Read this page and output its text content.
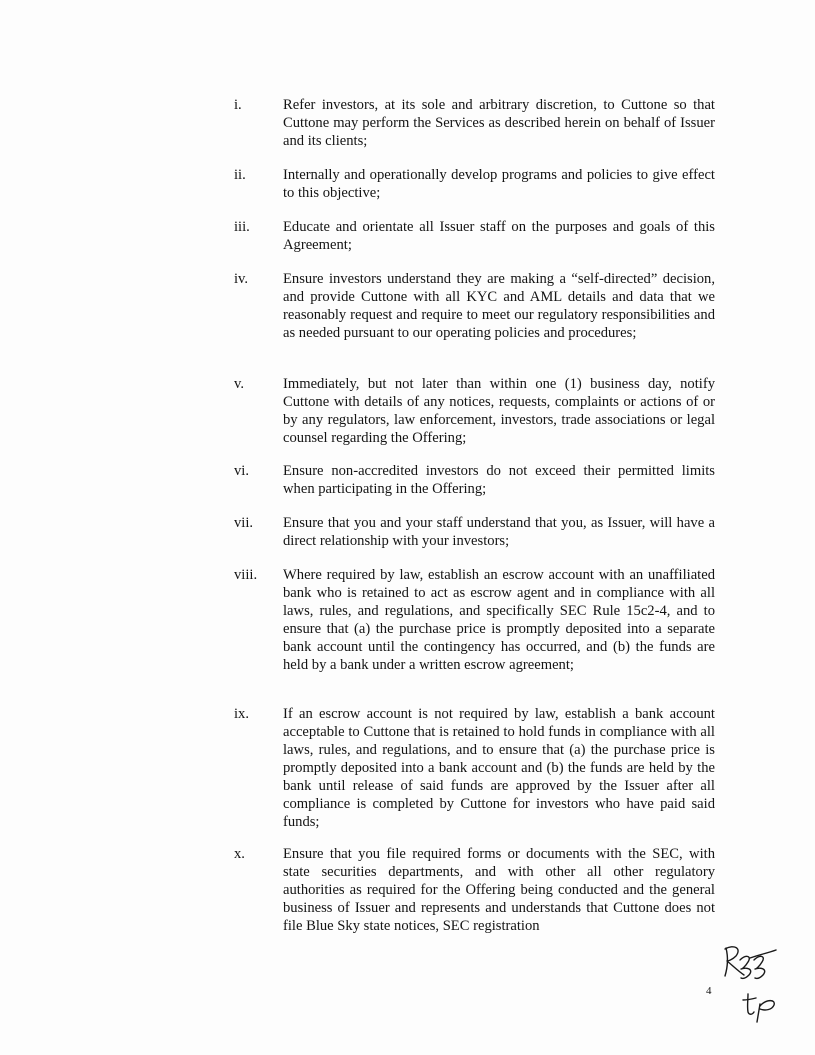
i.	Refer investors, at its sole and arbitrary discretion, to Cuttone so that Cuttone may perform the Services as described herein on behalf of Issuer and its clients;
ii.	Internally and operationally develop programs and policies to give effect to this objective;
iii. Educate and orientate all Issuer staff on the purposes and goals of this Agreement;
iv. Ensure investors understand they are making a “self-directed” decision, and provide Cuttone with all KYC and AML details and data that we reasonably request and require to meet our regulatory responsibilities and as needed pursuant to our operating policies and procedures;
v.	Immediately, but not later than within one (1) business day, notify Cuttone with details of any notices, requests, complaints or actions of or by any regulators, law enforcement, investors, trade associations or legal counsel regarding the Offering;
vi. Ensure non-accredited investors do not exceed their permitted limits when participating in the Offering;
vii. Ensure that you and your staff understand that you, as Issuer, will have a direct relationship with your investors;
viii. Where required by law, establish an escrow account with an unaffiliated bank who is retained to act as escrow agent and in compliance with all laws, rules, and regulations, and specifically SEC Rule 15c2-4, and to ensure that (a) the purchase price is promptly deposited into a separate bank account until the contingency has occurred, and (b) the funds are held by a bank under a written escrow agreement;
ix. If an escrow account is not required by law, establish a bank account acceptable to Cuttone that is retained to hold funds in compliance with all laws, rules, and regulations, and to ensure that (a) the purchase price is promptly deposited into a bank account and (b) the funds are held by the bank until release of said funds are approved by the Issuer after all compliance is completed by Cuttone for investors who have paid said funds;
x.	Ensure that you file required forms or documents with the SEC, with state securities departments, and with other all other regulatory authorities as required for the Offering being conducted and the general business of Issuer and represents and understands that Cuttone does not file Blue Sky state notices, SEC registration
4
